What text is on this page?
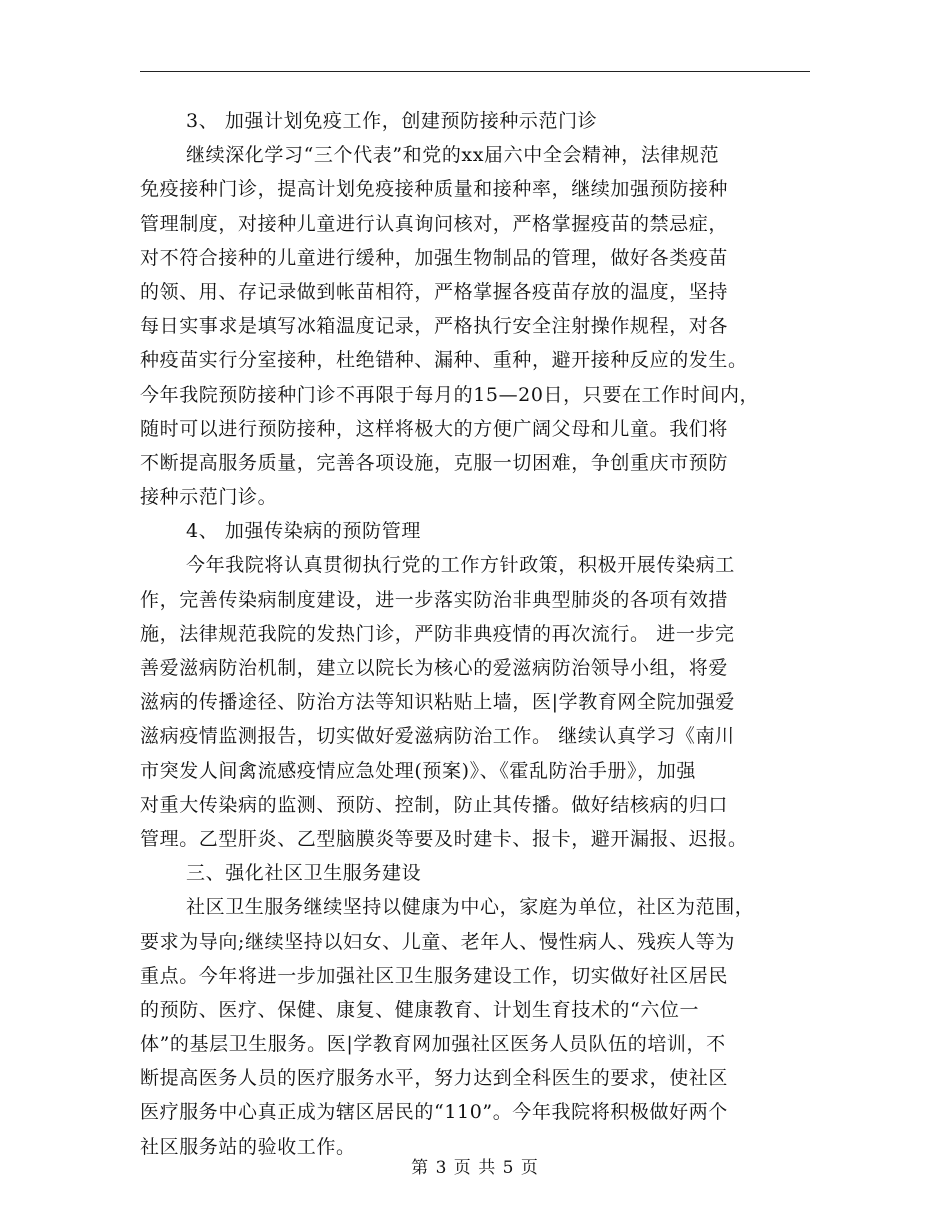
3、 加强计划免疫工作，创建预防接种示范门诊
继续深化学习“三个代表”和党的xx届六中全会精神，法律规范
免疫接种门诊，提高计划免疫接种质量和接种率，继续加强预防接种
管理制度，对接种儿童进行认真询问核对，严格掌握疫苗的禁忌症，
对不符合接种的儿童进行缓种，加强生物制品的管理，做好各类疫苗
的领、用、存记录做到帐苗相符，严格掌握各疫苗存放的温度，坚持
每日实事求是填写冰箱温度记录，严格执行安全注射操作规程，对各
种疫苗实行分室接种，杜绝错种、漏种、重种，避开接种反应的发生。
今年我院预防接种门诊不再限于每月的15—20日，只要在工作时间内，
随时可以进行预防接种，这样将极大的方便广阔父母和儿童。我们将
不断提高服务质量，完善各项设施，克服一切困难，争创重庆市预防
接种示范门诊。
4、 加强传染病的预防管理
今年我院将认真贯彻执行党的工作方针政策，积极开展传染病工
作，完善传染病制度建设，进一步落实防治非典型肺炎的各项有效措
施，法律规范我院的发热门诊，严防非典疫情的再次流行。 进一步完
善爱滋病防治机制，建立以院长为核心的爱滋病防治领导小组，将爱
滋病的传播途径、防治方法等知识粘贴上墙，医|学教育网全院加强爱
滋病疫情监测报告，切实做好爱滋病防治工作。 继续认真学习《南川
市突发人间禽流感疫情应急处理(预案)》、《霍乱防治手册》，加强
对重大传染病的监测、预防、控制，防止其传播。做好结核病的归口
管理。乙型肝炎、乙型脑膜炎等要及时建卡、报卡，避开漏报、迟报。
三、强化社区卫生服务建设
社区卫生服务继续坚持以健康为中心，家庭为单位，社区为范围，
要求为导向;继续坚持以妇女、儿童、老年人、慢性病人、残疾人等为
重点。今年将进一步加强社区卫生服务建设工作，切实做好社区居民
的预防、医疗、保健、康复、健康教育、计划生育技术的“六位一
体”的基层卫生服务。医|学教育网加强社区医务人员队伍的培训，不
断提高医务人员的医疗服务水平，努力达到全科医生的要求，使社区
医疗服务中心真正成为辖区居民的“110”。今年我院将积极做好两个
社区服务站的验收工作。
第 3 页 共 5 页
